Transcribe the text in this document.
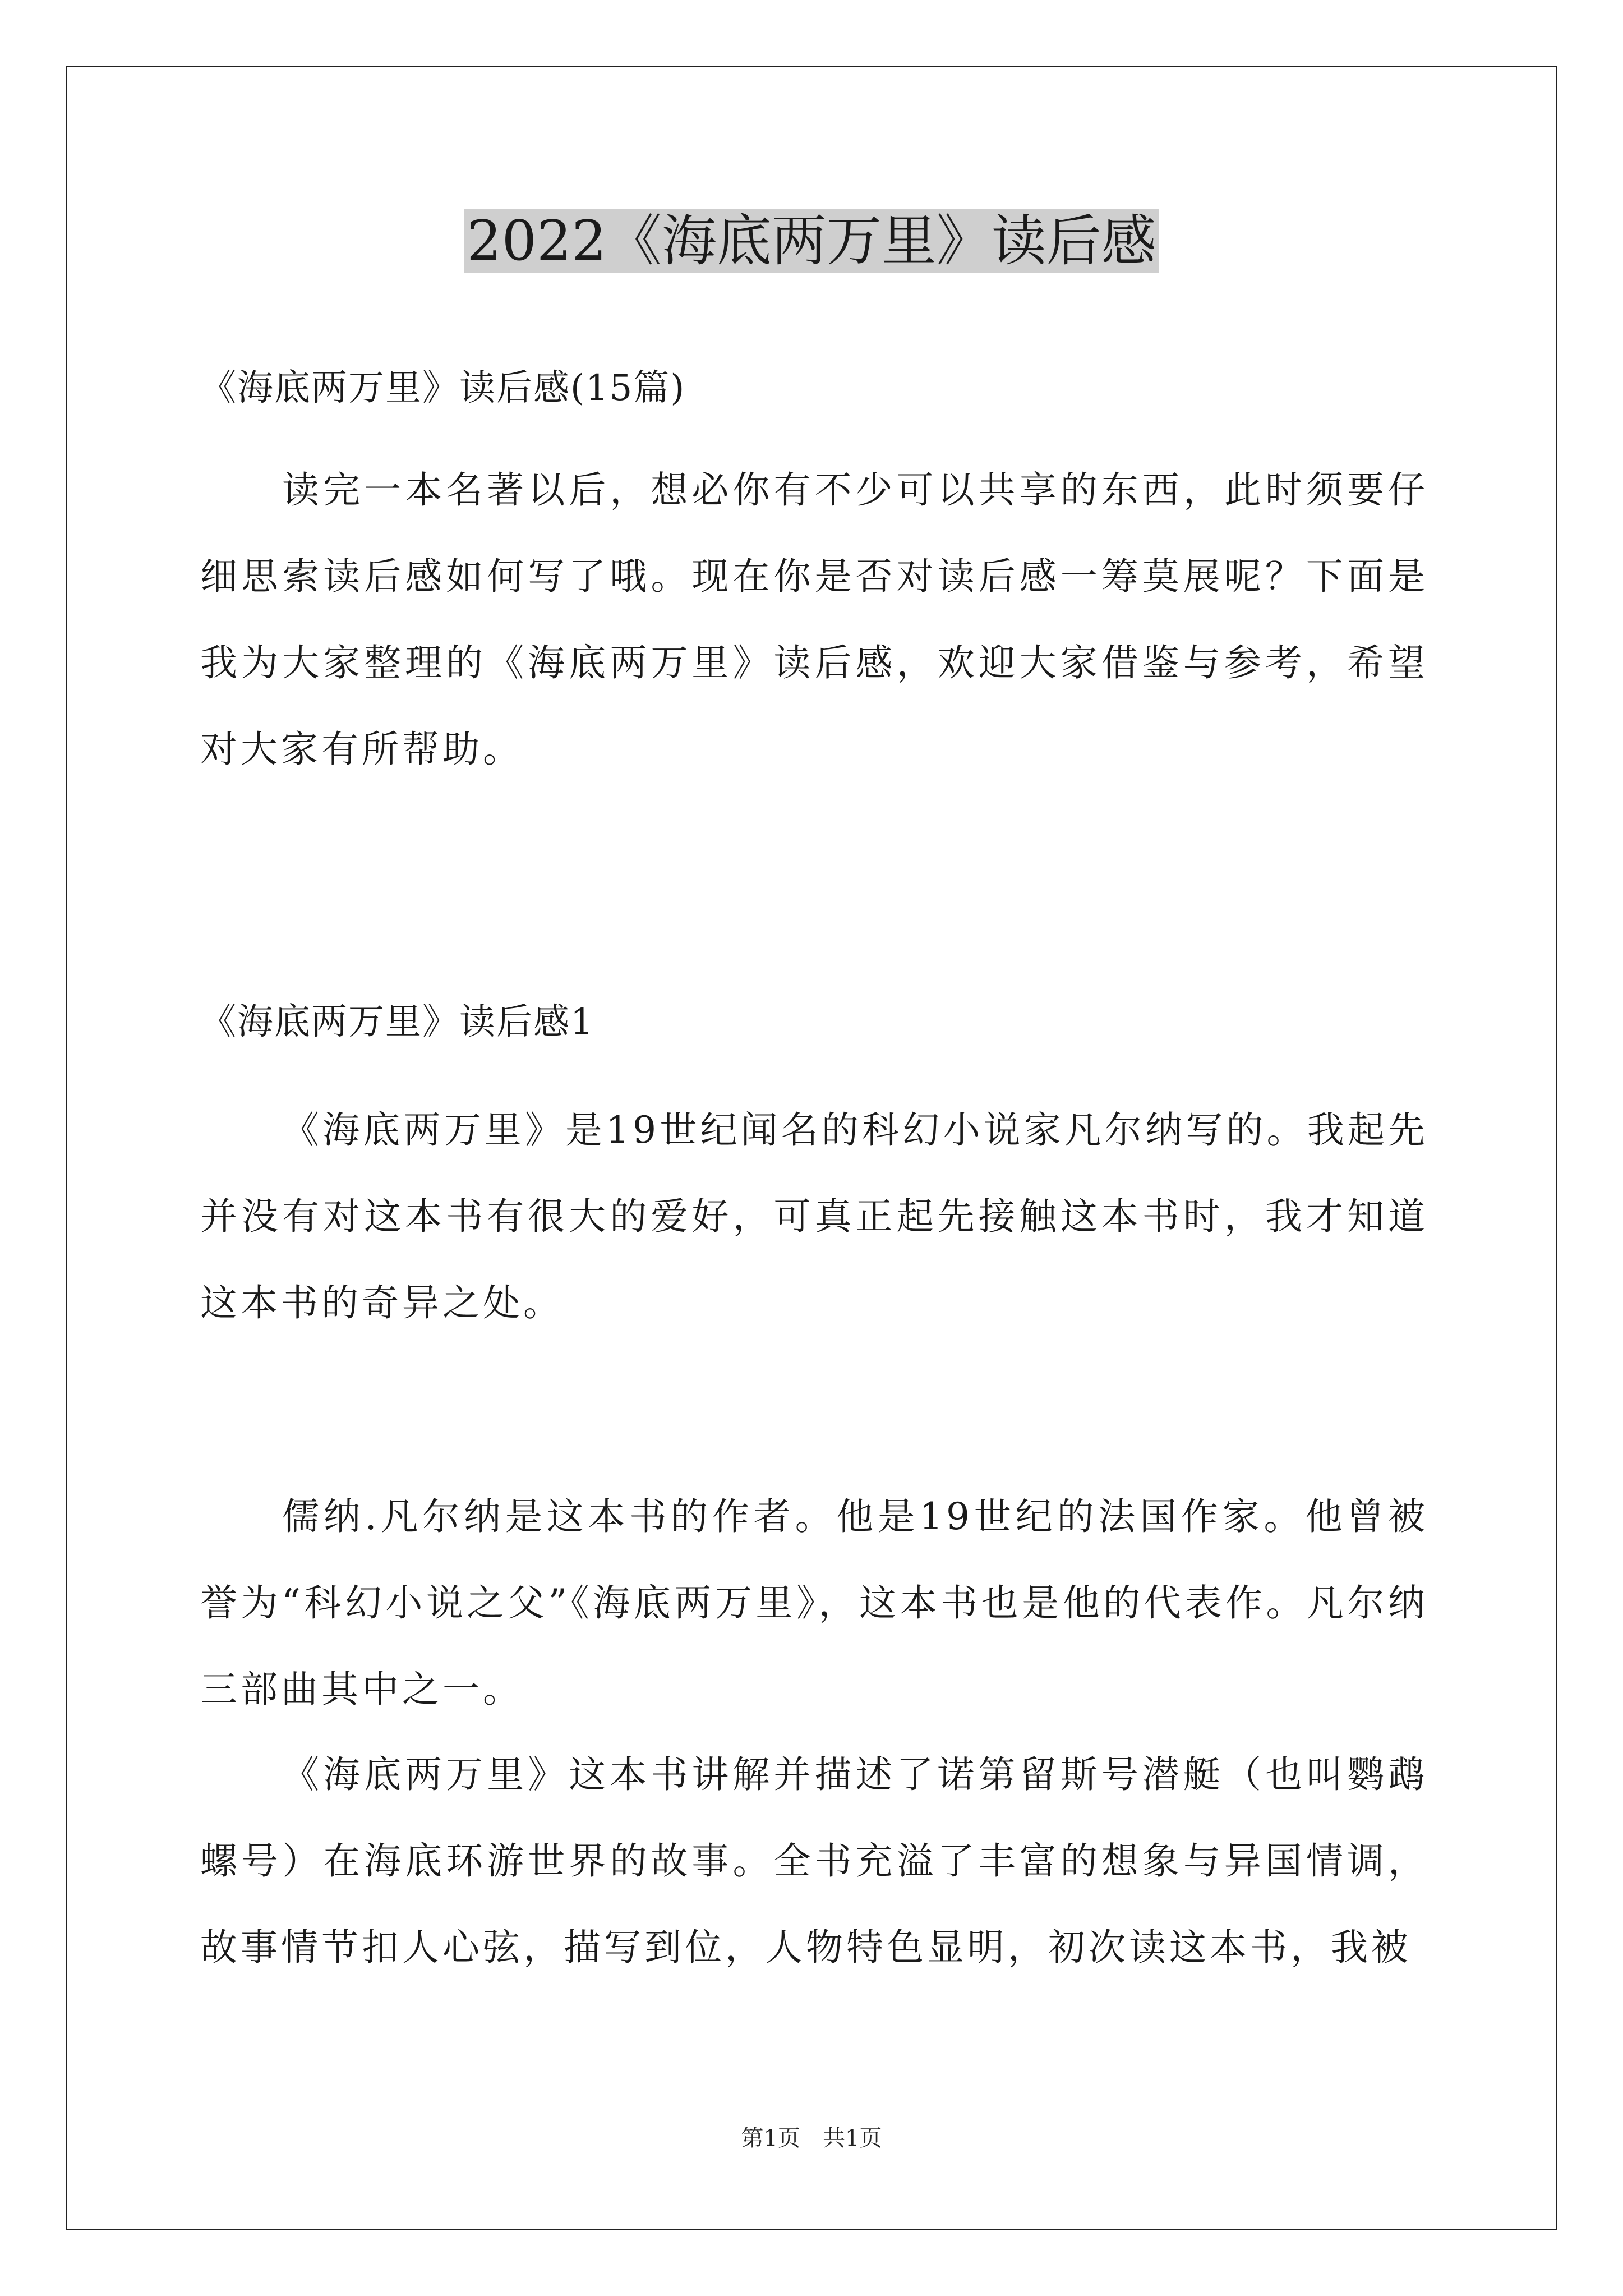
2022《海底两万里》读后感
《海底两万里》读后感(15篇)

读完一本名著以后，想必你有不少可以共享的东西，此时须要仔细思索读后感如何写了哦。现在你是否对读后感一筹莫展呢？下面是我为大家整理的《海底两万里》读后感，欢迎大家借鉴与参考，希望对大家有所帮助。

《海底两万里》读后感1

《海底两万里》是19世纪闻名的科幻小说家凡尔纳写的。我起先并没有对这本书有很大的爱好，可真正起先接触这本书时，我才知道这本书的奇异之处。

儒纳.凡尔纳是这本书的作者。他是19世纪的法国作家。他曾被誉为“科幻小说之父”《海底两万里》，这本书也是他的代表作。凡尔纳三部曲其中之一。

《海底两万里》这本书讲解并描述了诺第留斯号潜艇（也叫鹦鹉螺号）在海底环游世界的故事。全书充溢了丰富的想象与异国情调，故事情节扣人心弦，描写到位，人物特色显明，初次读这本书，我被

第1页　共1页
